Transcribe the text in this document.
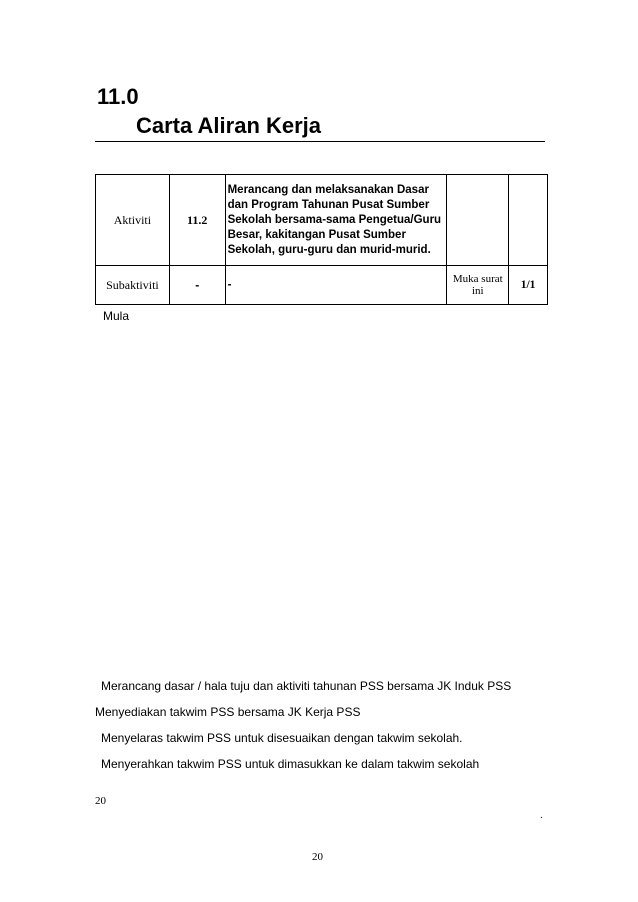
11.0
Carta Aliran Kerja
Aktiviti	11.2	Merancang dan melaksanakan Dasar dan Program Tahunan Pusat Sumber Sekolah bersama-sama Pengetua/Guru Besar, kakitangan Pusat Sumber Sekolah, guru-guru dan murid-murid.		
Subaktiviti	-	-	Muka surat ini	1/1
Mula
Merancang dasar / hala tuju dan aktiviti tahunan PSS bersama JK Induk PSS
Menyediakan takwim PSS bersama JK Kerja PSS
Menyelaras takwim PSS untuk disesuaikan dengan takwim sekolah.
Menyerahkan takwim PSS untuk dimasukkan ke dalam takwim sekolah
20
.
20
